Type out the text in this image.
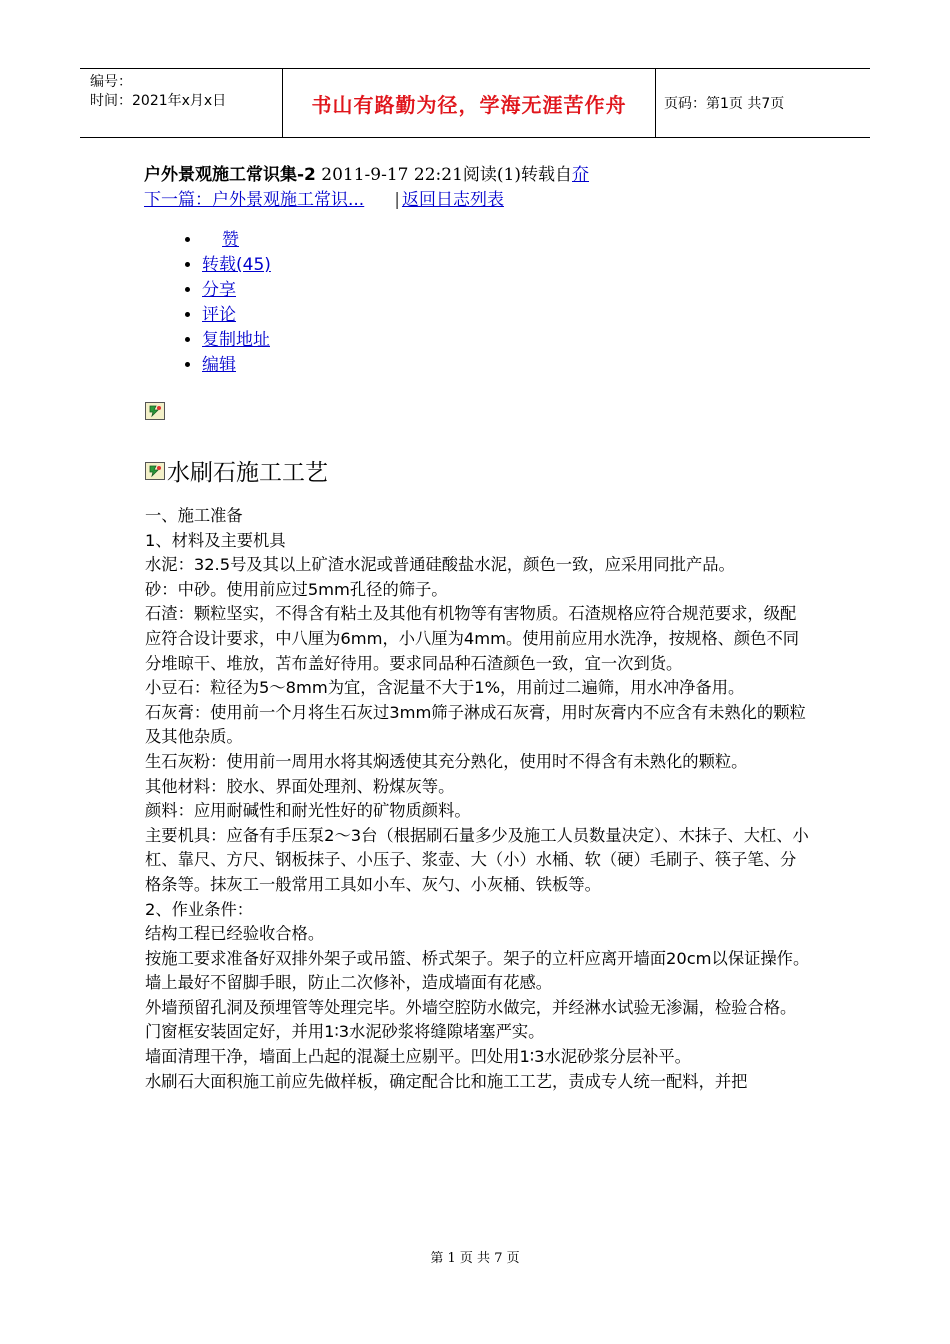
编号：
时间：2021年x月x日	书山有路勤为径，学海无涯苦作舟	页码：第1页 共7页
户外景观施工常识集-2 2011-9-17 22:21阅读(1)转载自夼
下一篇：户外景观施工常识... | 返回日志列表
• 赞
• 转载(45)
• 分享
• 评论
• 复制地址
• 编辑
水刷石施工工艺

一、施工准备

1、材料及主要机具

水泥：32.5号及其以上矿渣水泥或普通硅酸盐水泥，颜色一致，应采用同批产品。

砂：中砂。使用前应过5mm孔径的筛子。

石渣：颗粒坚实，不得含有粘土及其他有机物等有害物质。石渣规格应符合规范要求，级配应符合设计要求，中八厘为6mm，小八厘为4mm。使用前应用水洗净，按规格、颜色不同分堆晾干、堆放，苫布盖好待用。要求同品种石渣颜色一致，宜一次到货。

小豆石：粒径为5～8mm为宜，含泥量不大于1%，用前过二遍筛，用水冲净备用。

石灰膏：使用前一个月将生石灰过3mm筛子淋成石灰膏，用时灰膏内不应含有未熟化的颗粒及其他杂质。

生石灰粉：使用前一周用水将其焖透使其充分熟化，使用时不得含有未熟化的颗粒。

其他材料：胶水、界面处理剂、粉煤灰等。

颜料：应用耐碱性和耐光性好的矿物质颜料。

主要机具：应备有手压泵2～3台（根据刷石量多少及施工人员数量决定）、木抹子、大杠、小杠、靠尺、方尺、钢板抹子、小压子、浆壶、大（小）水桶、软（硬）毛刷子、筷子笔、分格条等。抹灰工一般常用工具如小车、灰勺、小灰桶、铁板等。

2、作业条件：

结构工程已经验收合格。

按施工要求准备好双排外架子或吊篮、桥式架子。架子的立杆应离开墙面20cm以保证操作。墙上最好不留脚手眼，防止二次修补，造成墙面有花感。

外墙预留孔洞及预埋管等处理完毕。外墙空腔防水做完，并经淋水试验无渗漏，检验合格。门窗框安装固定好，并用1∶3水泥砂浆将缝隙堵塞严实。

墙面清理干净，墙面上凸起的混凝土应剔平。凹处用1∶3水泥砂浆分层补平。

水刷石大面积施工前应先做样板，确定配合比和施工工艺，责成专人统一配料，并把

第 1 页 共 7 页
